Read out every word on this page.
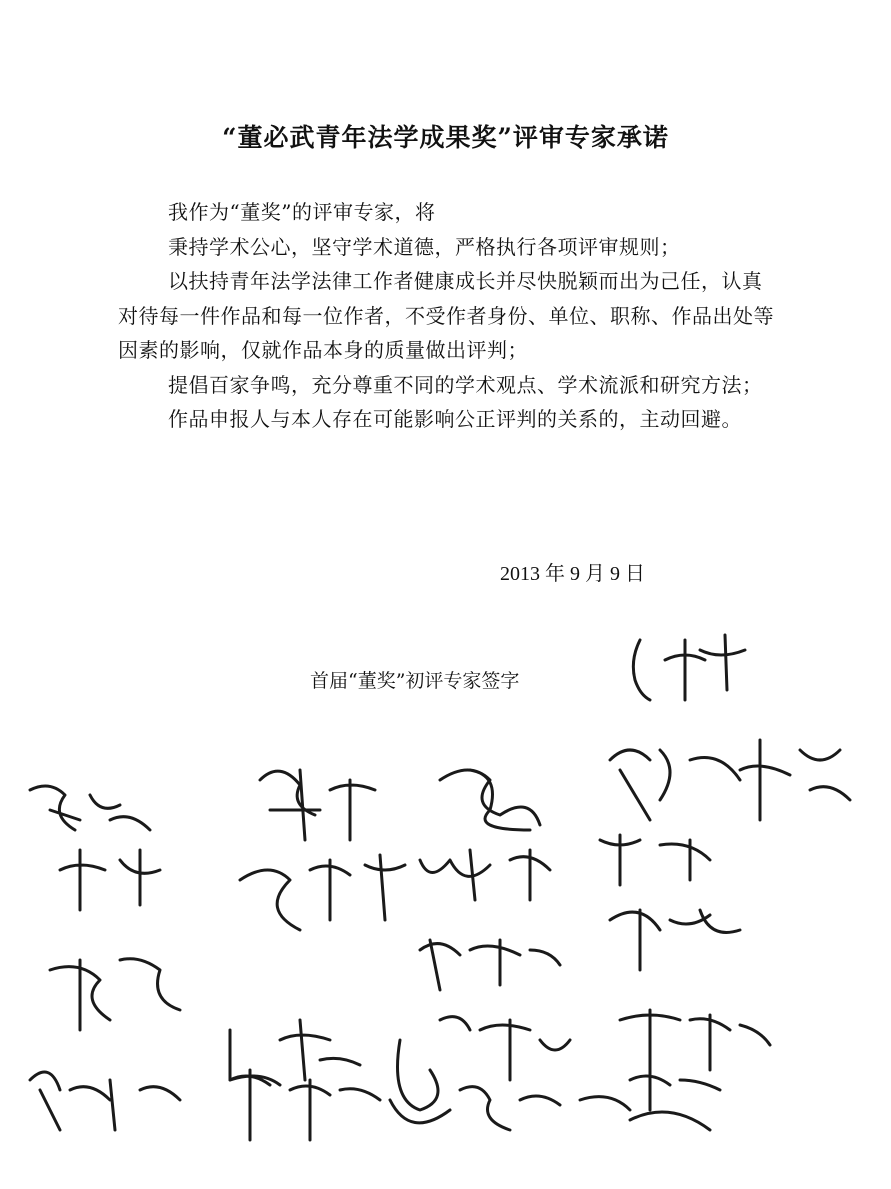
“董必武青年法学成果奖”评审专家承诺

我作为“董奖”的评审专家，将

秉持学术公心，坚守学术道德，严格执行各项评审规则；

以扶持青年法学法律工作者健康成长并尽快脱颖而出为己任，认真对待每一件作品和每一位作者，不受作者身份、单位、职称、作品出处等因素的影响，仅就作品本身的质量做出评判；

提倡百家争鸣，充分尊重不同的学术观点、学术流派和研究方法；

作品申报人与本人存在可能影响公正评判的关系的，主动回避。

2013 年 9 月 9 日
首届“董奖”初评专家签字
